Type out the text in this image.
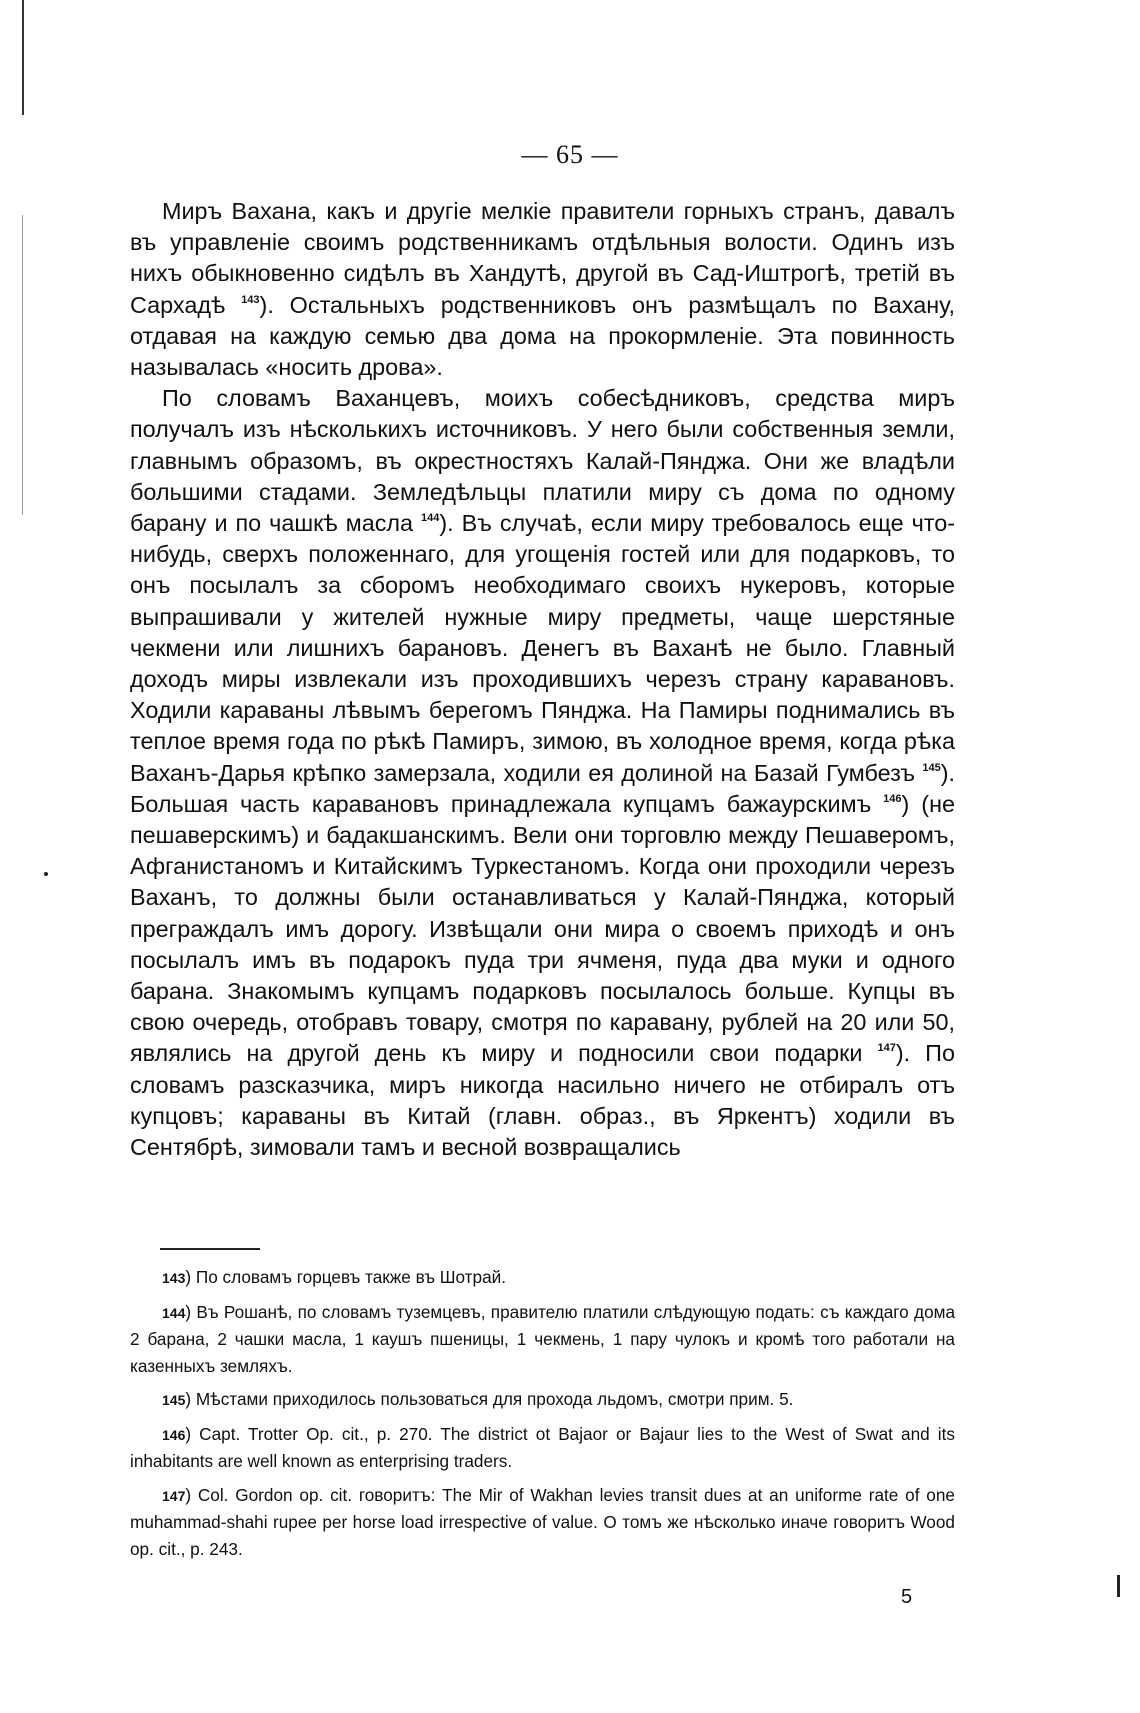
— 65 —

Миръ Вахана, какъ и другіе мелкіе правители горныхъ странъ, давалъ въ управленіе своимъ родственникамъ отдѣльныя волости. Одинъ изъ нихъ обыкновенно сидѣлъ въ Хандутѣ, другой въ Сад-Иштрогѣ, третій въ Сархадѣ $^{143}$). Остальныхъ родственниковъ онъ размѣщалъ по Вахану, отдавая на каждую семью два дома на прокормленіе. Эта повинность называлась «носить дрова».

По словамъ Ваханцевъ, моихъ собесѣдниковъ, средства миръ получалъ изъ нѣсколькихъ источниковъ. У него были собственныя земли, главнымъ образомъ, въ окрестностяхъ Калай-Пянджа. Они же владѣли большими стадами. Земледѣльцы платили миру съ дома по одному барану и по чашкѣ масла $^{144}$). Въ случаѣ, если миру требовалось еще что-нибудь, сверхъ положеннаго, для угощенія гостей или для подарковъ, то онъ посылалъ за сборомъ необходимаго своихъ нукеровъ, которые выпрашивали у жителей нужные миру предметы, чаще шерстяные чекмени или лишнихъ барановъ. Денегъ въ Ваханѣ не было. Главный доходъ миры извлекали изъ проходившихъ черезъ страну каравановъ. Ходили караваны лѣвымъ берегомъ Пянджа. На Памиры поднимались въ теплое время года по рѣкѣ Памиръ, зимою, въ холодное время, когда рѣка Ваханъ-Дарья крѣпко замерзала, ходили ея долиной на Базай Гумбезъ $^{145}$). Большая часть каравановъ принадлежала купцамъ бажаурскимъ $^{146}$) (не пешаверскимъ) и бадакшанскимъ. Вели они торговлю между Пешаверомъ, Афганистаномъ и Китайскимъ Туркестаномъ. Когда они проходили черезъ Ваханъ, то должны были останавливаться у Калай-Пянджа, который преграждалъ имъ дорогу. Извѣщали они мира о своемъ приходѣ и онъ посылалъ имъ въ подарокъ пуда три ячменя, пуда два муки и одного барана. Знакомымъ купцамъ подарковъ посылалось больше. Купцы въ свою очередь, отобравъ товару, смотря по каравану, рублей на 20 или 50, являлись на другой день къ миру и подносили свои подарки $^{147}$). По словамъ разсказчика, миръ никогда насильно ничего не отбиралъ отъ купцовъ; караваны въ Китай (главн. образ., въ Яркентъ) ходили въ Сентябрѣ, зимовали тамъ и весной возвращались

143) По словамъ горцевъ также въ Шотрай.

144) Въ Рошанѣ, по словамъ туземцевъ, правителю платили слѣдующую подать: съ каждаго дома 2 барана, 2 чашки масла, 1 каушъ пшеницы, 1 чекмень, 1 пару чулокъ и кромѣ того работали на казенныхъ земляхъ.

145) Мѣстами приходилось пользоваться для прохода льдомъ, смотри прим. 5.

146) Capt. Trotter Op. cit., p. 270. The district ot Bajaor or Bajaur lies to the West of Swat and its inhabitants are well known as enterprising traders.

147) Col. Gordon op. cit. говоритъ: The Mir of Wakhan levies transit dues at an uniforme rate of one muhammad-shahi rupee per horse load irrespective of value. О томъ же нѣсколько иначе говоритъ Wood op. cit., p. 243.

5
